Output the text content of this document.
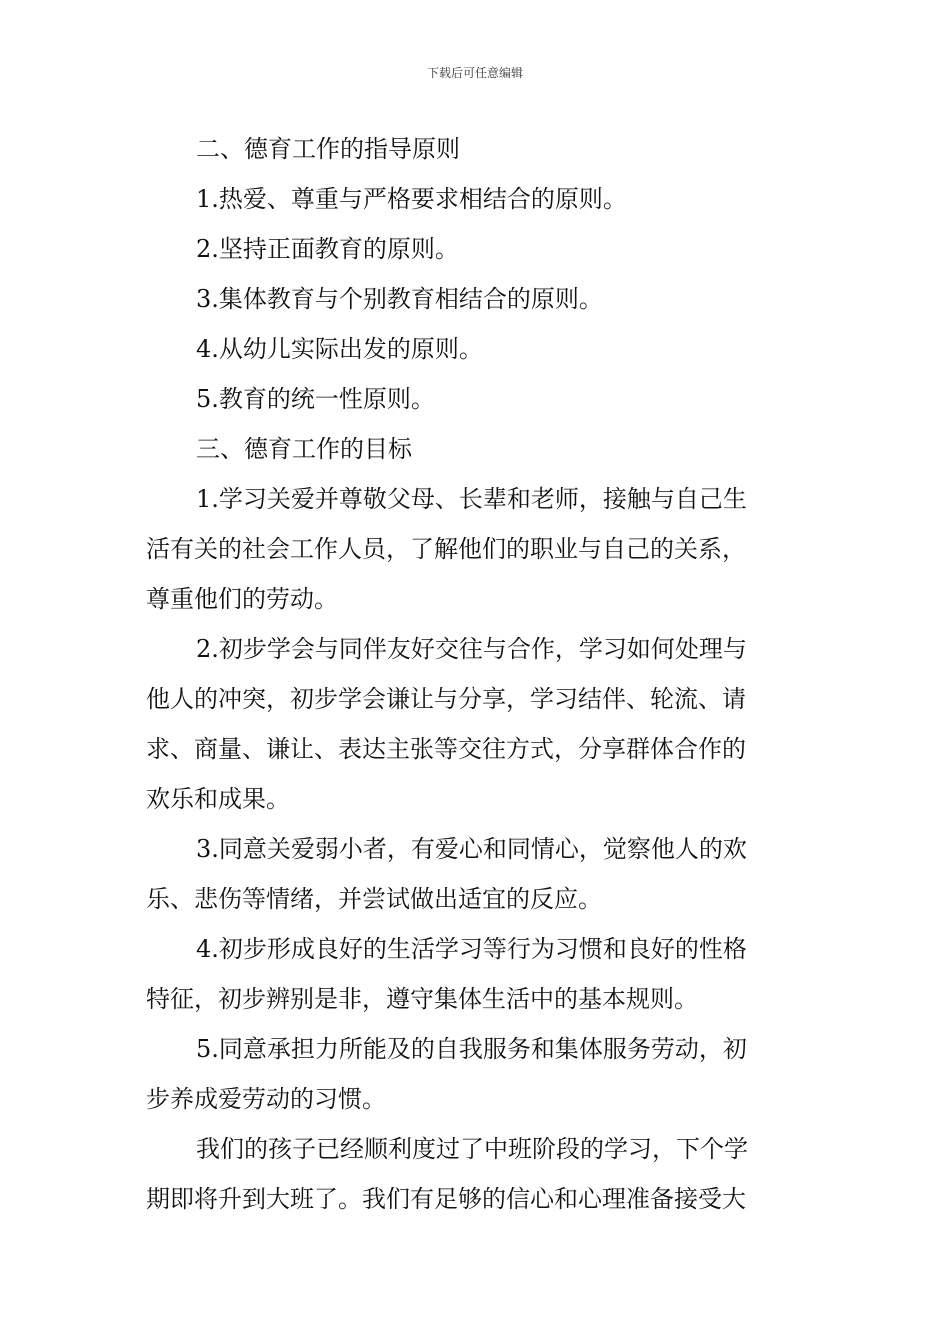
下载后可任意编辑
二、德育工作的指导原则
1.热爱、尊重与严格要求相结合的原则。
2.坚持正面教育的原则。
3.集体教育与个别教育相结合的原则。
4.从幼儿实际出发的原则。
5.教育的统一性原则。
三、德育工作的目标
1.学习关爱并尊敬父母、长辈和老师，接触与自己生
活有关的社会工作人员，了解他们的职业与自己的关系，
尊重他们的劳动。
2.初步学会与同伴友好交往与合作，学习如何处理与
他人的冲突，初步学会谦让与分享，学习结伴、轮流、请
求、商量、谦让、表达主张等交往方式，分享群体合作的
欢乐和成果。
3.同意关爱弱小者，有爱心和同情心，觉察他人的欢
乐、悲伤等情绪，并尝试做出适宜的反应。
4.初步形成良好的生活学习等行为习惯和良好的性格
特征，初步辨别是非，遵守集体生活中的基本规则。
5.同意承担力所能及的自我服务和集体服务劳动，初
步养成爱劳动的习惯。
我们的孩子已经顺利度过了中班阶段的学习，下个学
期即将升到大班了。我们有足够的信心和心理准备接受大
